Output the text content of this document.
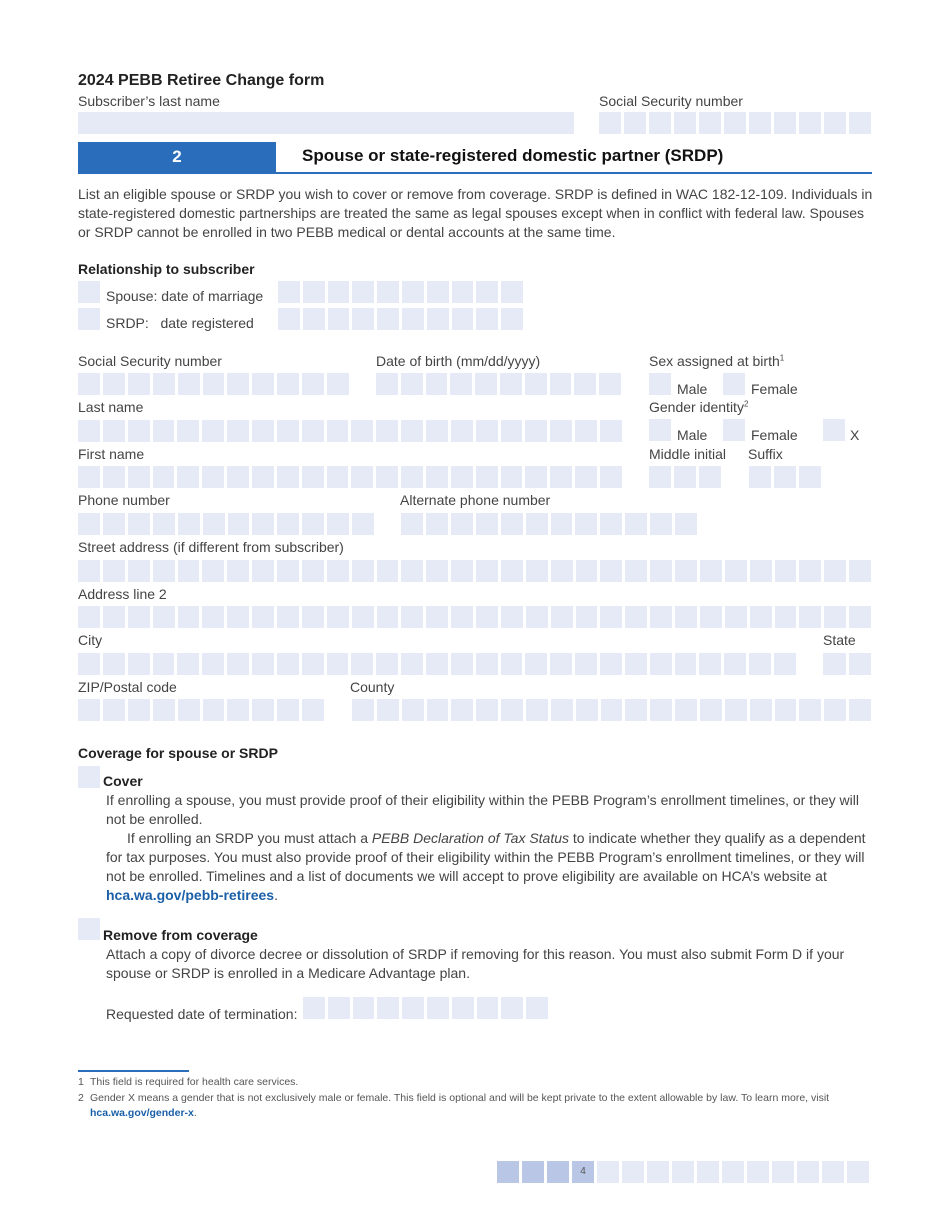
2024 PEBB Retiree Change form
Subscriber’s last name	Social Security number
2	Spouse or state-registered domestic partner (SRDP)
List an eligible spouse or SRDP you wish to cover or remove from coverage. SRDP is defined in WAC 182-12-109. Individuals in state-registered domestic partnerships are treated the same as legal spouses except when in conflict with federal law. Spouses or SRDP cannot be enrolled in two PEBB medical or dental accounts at the same time.
Relationship to subscriber
Spouse: date of marriage
SRDP:   date registered
Social Security number	Date of birth (mm/dd/yyyy)	Sex assigned at birth$^1$
Male	Female
Last name	Gender identity$^2$
Male	Female	X
First name	Middle initial Suffix
Phone number	Alternate phone number
Street address (if different from subscriber)
Address line 2
City	State
ZIP/Postal code	County
Coverage for spouse or SRDP
Cover
If enrolling a spouse, you must provide proof of their eligibility within the PEBB Program’s enrollment timelines, or they will not be enrolled.
If enrolling an SRDP you must attach a PEBB Declaration of Tax Status to indicate whether they qualify as a dependent for tax purposes. You must also provide proof of their eligibility within the PEBB Program’s enrollment timelines, or they will not be enrolled. Timelines and a list of documents we will accept to prove eligibility are available on HCA’s website at hca.wa.gov/pebb-retirees.
Remove from coverage
Attach a copy of divorce decree or dissolution of SRDP if removing for this reason. You must also submit Form D if your spouse or SRDP is enrolled in a Medicare Advantage plan.
Requested date of termination:
1 This field is required for health care services.
2 Gender X means a gender that is not exclusively male or female. This field is optional and will be kept private to the extent allowable by law. To learn more, visit hca.wa.gov/gender-x.
4
